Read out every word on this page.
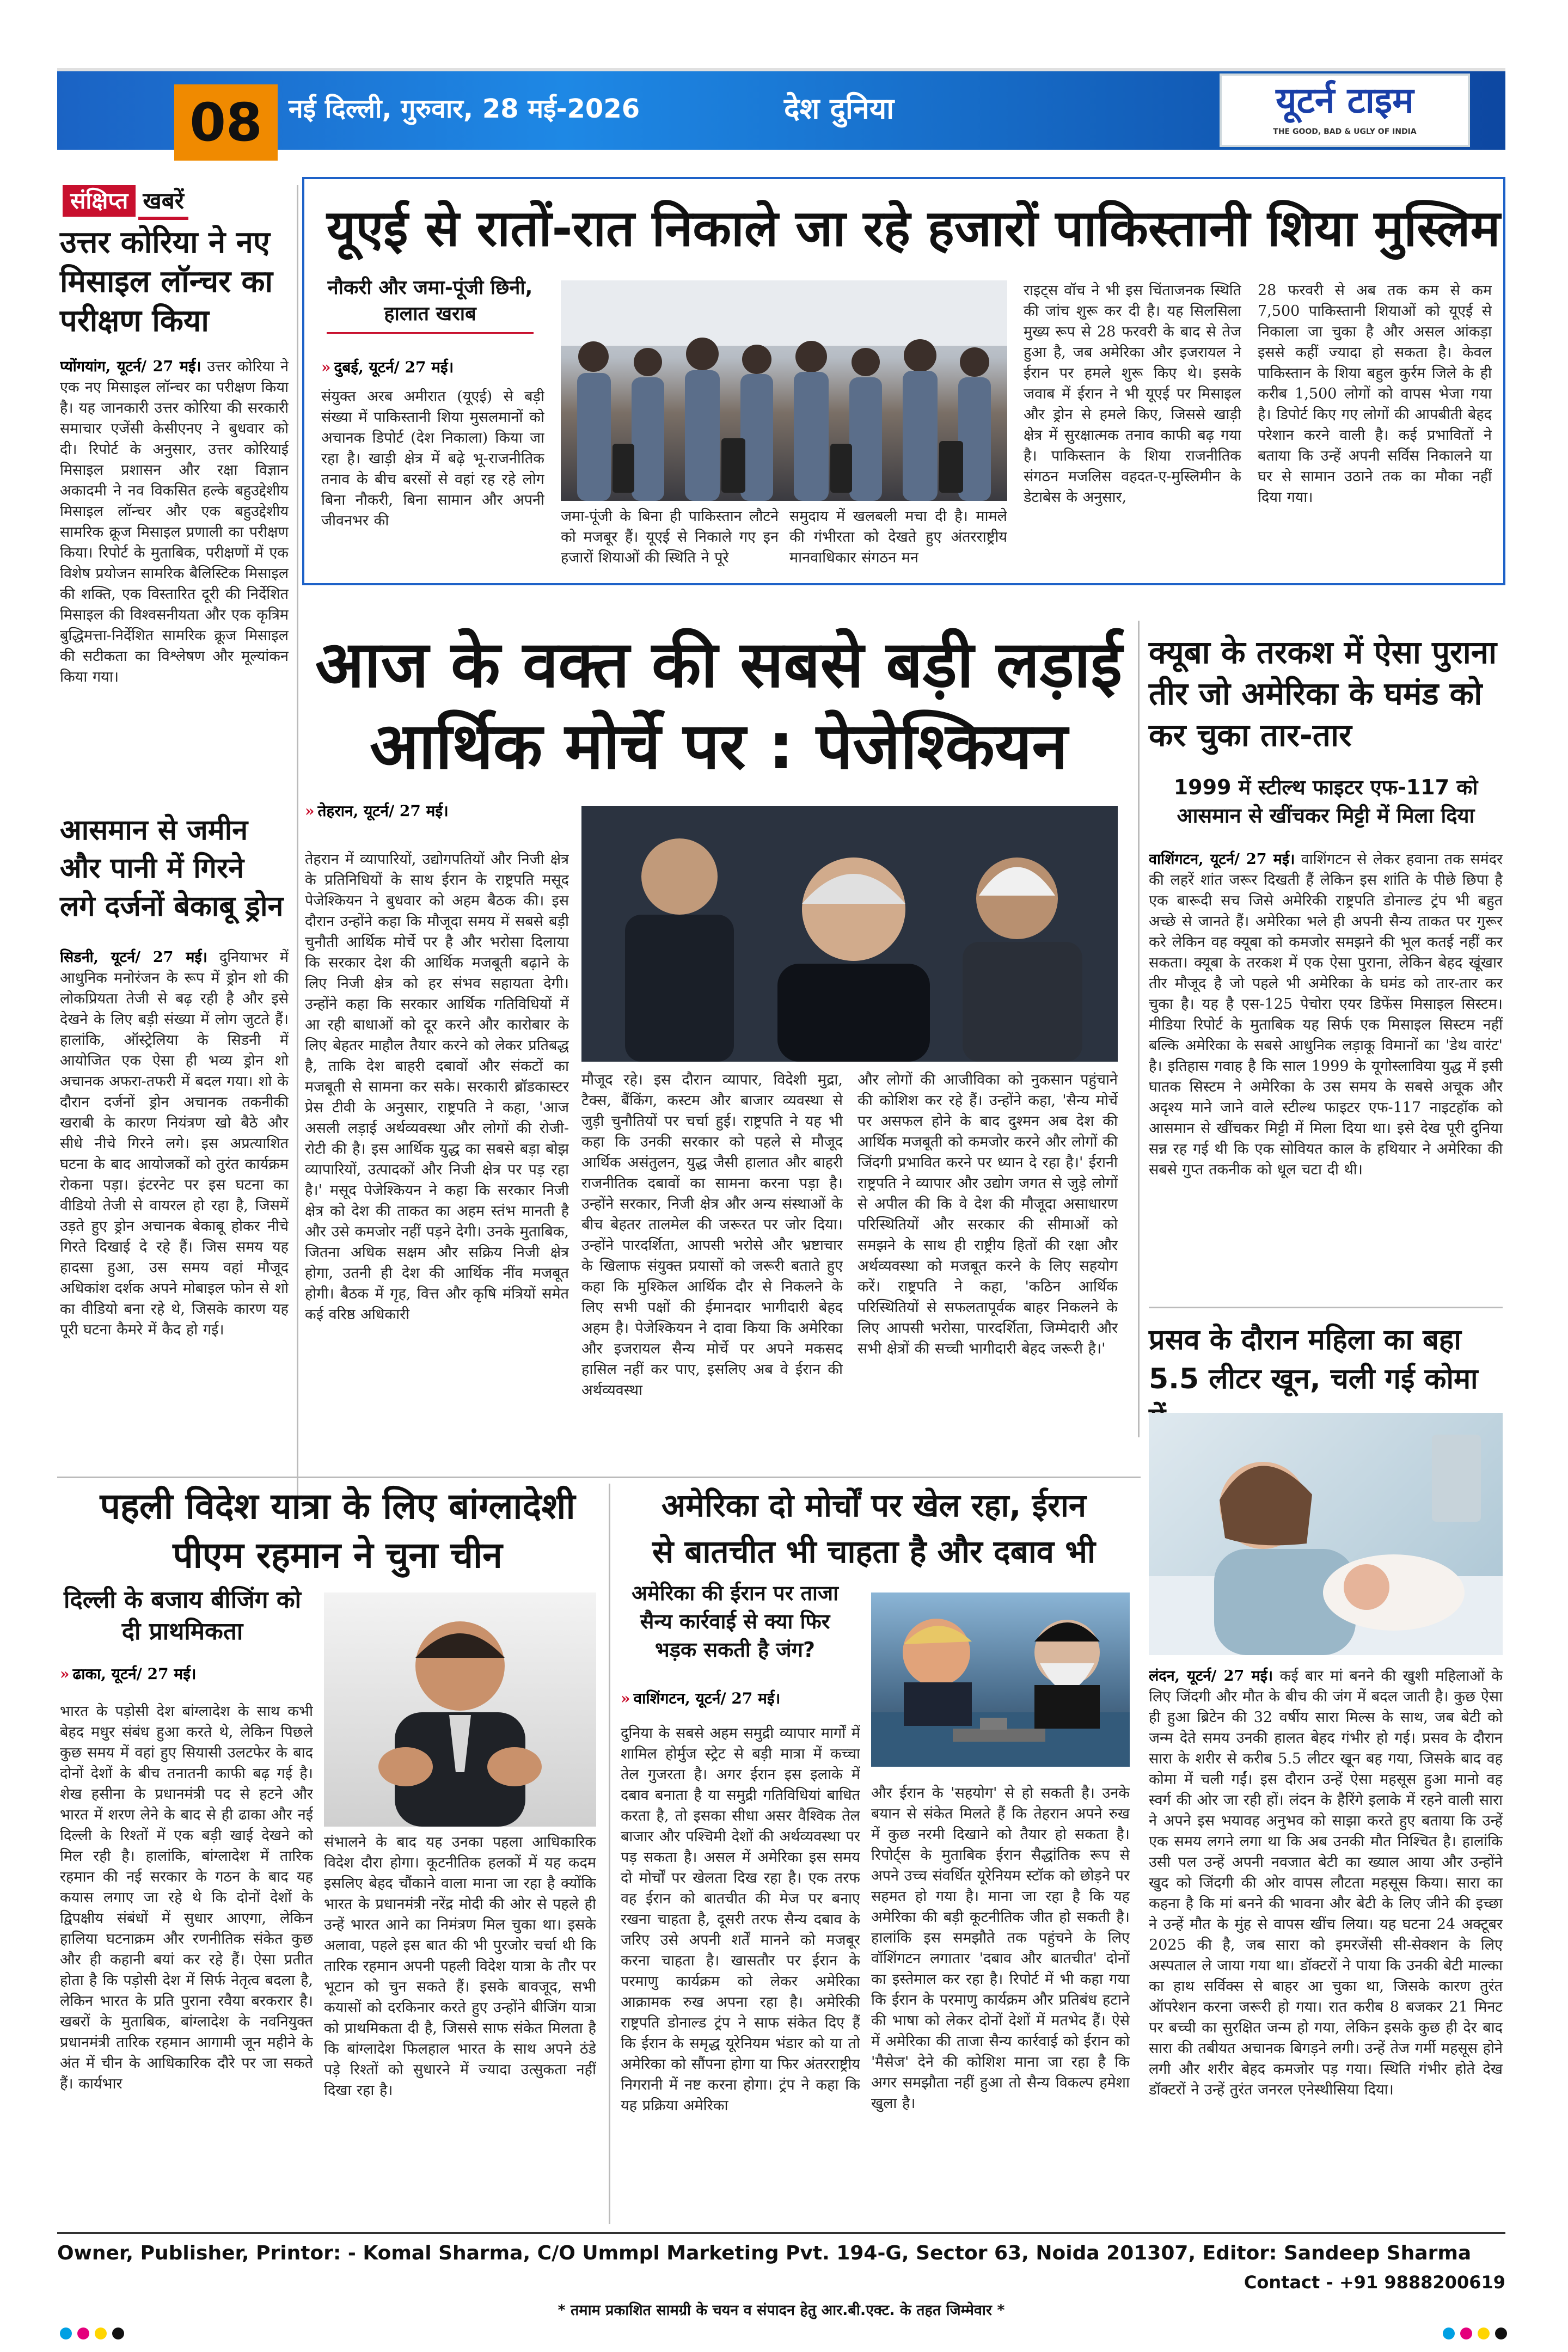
08	नई दिल्ली, गुरुवार, 28 मई-2026	देश दुनिया	यूटर्न टाइम
THE GOOD, BAD & UGLY OF INDIA
संक्षिप्त खबरें
उत्तर कोरिया ने नए मिसाइल लॉन्चर का परीक्षण किया
प्योंगयांग, यूटर्न/ 27 मई। उत्तर कोरिया ने एक नए मिसाइल लॉन्चर का परीक्षण किया है। यह जानकारी उत्तर कोरिया की सरकारी समाचार एजेंसी केसीएनए ने बुधवार को दी। रिपोर्ट के अनुसार, उत्तर कोरियाई मिसाइल प्रशासन और रक्षा विज्ञान अकादमी ने नव विकसित हल्के बहुउद्देशीय मिसाइल लॉन्चर और एक बहुउद्देशीय सामरिक क्रूज मिसाइल प्रणाली का परीक्षण किया। रिपोर्ट के मुताबिक, परीक्षणों में एक विशेष प्रयोजन सामरिक बैलिस्टिक मिसाइल की शक्ति, एक विस्तारित दूरी की निर्देशित मिसाइल की विश्वसनीयता और एक कृत्रिम बुद्धिमत्ता-निर्देशित सामरिक क्रूज मिसाइल की सटीकता का विश्लेषण और मूल्यांकन किया गया।
आसमान से जमीन और पानी में गिरने लगे दर्जनों बेकाबू ड्रोन
सिडनी, यूटर्न/ 27 मई। दुनियाभर में आधुनिक मनोरंजन के रूप में ड्रोन शो की लोकप्रियता तेजी से बढ़ रही है और इसे देखने के लिए बड़ी संख्या में लोग जुटते हैं। हालांकि, ऑस्ट्रेलिया के सिडनी में आयोजित एक ऐसा ही भव्य ड्रोन शो अचानक अफरा-तफरी में बदल गया। शो के दौरान दर्जनों ड्रोन अचानक तकनीकी खराबी के कारण नियंत्रण खो बैठे और सीधे नीचे गिरने लगे। इस अप्रत्याशित घटना के बाद आयोजकों को तुरंत कार्यक्रम रोकना पड़ा। इंटरनेट पर इस घटना का वीडियो तेजी से वायरल हो रहा है, जिसमें उड़ते हुए ड्रोन अचानक बेकाबू होकर नीचे गिरते दिखाई दे रहे हैं। जिस समय यह हादसा हुआ, उस समय वहां मौजूद अधिकांश दर्शक अपने मोबाइल फोन से शो का वीडियो बना रहे थे, जिसके कारण यह पूरी घटना कैमरे में कैद हो गई।
यूएई से रातों-रात निकाले जा रहे हजारों पाकिस्तानी शिया मुस्लिम
नौकरी और जमा-पूंजी छिनी, हालात खराब
» दुबई, यूटर्न/ 27 मई।
संयुक्त अरब अमीरात (यूएई) से बड़ी संख्या में पाकिस्तानी शिया मुसलमानों को अचानक डिपोर्ट (देश निकाला) किया जा रहा है। खाड़ी क्षेत्र में बढ़े भू-राजनीतिक तनाव के बीच बरसों से वहां रह रहे लोग बिना नौकरी, बिना सामान और अपनी जीवनभर की	जमा-पूंजी के बिना ही पाकिस्तान लौटने को मजबूर हैं। यूएई से निकाले गए इन हजारों शियाओं की स्थिति ने पूरे
समुदाय में खलबली मचा दी है। मामले की गंभीरता को देखते हुए अंतरराष्ट्रीय मानवाधिकार संगठन मन
राइट्स वॉच ने भी इस चिंताजनक स्थिति की जांच शुरू कर दी है। यह सिलसिला मुख्य रूप से 28 फरवरी के बाद से तेज हुआ है, जब अमेरिका और इजरायल ने ईरान पर हमले शुरू किए थे। इसके जवाब में ईरान ने भी यूएई पर मिसाइल और ड्रोन से हमले किए, जिससे खाड़ी क्षेत्र में सुरक्षात्मक तनाव काफी बढ़ गया है। पाकिस्तान के शिया राजनीतिक संगठन मजलिस वहदत-ए-मुस्लिमीन के डेटाबेस के अनुसार,
28 फरवरी से अब तक कम से कम 7,500 पाकिस्तानी शियाओं को यूएई से निकाला जा चुका है और असल आंकड़ा इससे कहीं ज्यादा हो सकता है। केवल पाकिस्तान के शिया बहुल कुर्रम जिले के ही करीब 1,500 लोगों को वापस भेजा गया है। डिपोर्ट किए गए लोगों की आपबीती बेहद परेशान करने वाली है। कई प्रभावितों ने बताया कि उन्हें अपनी सर्विस निकालने या घर से सामान उठाने तक का मौका नहीं दिया गया।
आज के वक्त की सबसे बड़ी लड़ाई
आर्थिक मोर्चे पर : पेजेश्कियन
» तेहरान, यूटर्न/ 27 मई।
तेहरान में व्यापारियों, उद्योगपतियों और निजी क्षेत्र के प्रतिनिधियों के साथ ईरान के राष्ट्रपति मसूद पेजेश्कियन ने बुधवार को अहम बैठक की। इस दौरान उन्होंने कहा कि मौजूदा समय में सबसे बड़ी चुनौती आर्थिक मोर्चे पर है और भरोसा दिलाया कि सरकार देश की आर्थिक मजबूती बढ़ाने के लिए निजी क्षेत्र को हर संभव सहायता देगी। उन्होंने कहा कि सरकार आर्थिक गतिविधियों में आ रही बाधाओं को दूर करने और कारोबार के लिए बेहतर माहौल तैयार करने को लेकर प्रतिबद्ध है, ताकि देश बाहरी दबावों और संकटों का मजबूती से सामना कर सके। सरकारी ब्रॉडकास्टर प्रेस टीवी के अनुसार, राष्ट्रपति ने कहा, 'आज असली लड़ाई अर्थव्यवस्था और लोगों की रोजी-रोटी की है। इस आर्थिक युद्ध का सबसे बड़ा बोझ व्यापारियों, उत्पादकों और निजी क्षेत्र पर पड़ रहा है।' मसूद पेजेश्कियन ने कहा कि सरकार निजी क्षेत्र को देश की ताकत का अहम स्तंभ मानती है और उसे कमजोर नहीं पड़ने देगी। उनके मुताबिक, जितना अधिक सक्षम और सक्रिय निजी क्षेत्र होगा, उतनी ही देश की आर्थिक नींव मजबूत होगी। बैठक में गृह, वित्त और कृषि मंत्रियों समेत कई वरिष्ठ अधिकारी
मौजूद रहे। इस दौरान व्यापार, विदेशी मुद्रा, टैक्स, बैंकिंग, कस्टम और बाजार व्यवस्था से जुड़ी चुनौतियों पर चर्चा हुई। राष्ट्रपति ने यह भी कहा कि उनकी सरकार को पहले से मौजूद आर्थिक असंतुलन, युद्ध जैसी हालात और बाहरी राजनीतिक दबावों का सामना करना पड़ा है। उन्होंने सरकार, निजी क्षेत्र और अन्य संस्थाओं के बीच बेहतर तालमेल की जरूरत पर जोर दिया। उन्होंने पारदर्शिता, आपसी भरोसे और भ्रष्टाचार के खिलाफ संयुक्त प्रयासों को जरूरी बताते हुए कहा कि मुश्किल आर्थिक दौर से निकलने के लिए सभी पक्षों की ईमानदार भागीदारी बेहद अहम है। पेजेश्कियन ने दावा किया कि अमेरिका और इजरायल सैन्य मोर्चे पर अपने मकसद हासिल नहीं कर पाए, इसलिए अब वे ईरान की अर्थव्यवस्था
और लोगों की आजीविका को नुकसान पहुंचाने की कोशिश कर रहे हैं। उन्होंने कहा, 'सैन्य मोर्चे पर असफल होने के बाद दुश्मन अब देश की आर्थिक मजबूती को कमजोर करने और लोगों की जिंदगी प्रभावित करने पर ध्यान दे रहा है।' ईरानी राष्ट्रपति ने व्यापार और उद्योग जगत से जुड़े लोगों से अपील की कि वे देश की मौजूदा असाधारण परिस्थितियों और सरकार की सीमाओं को समझने के साथ ही राष्ट्रीय हितों की रक्षा और अर्थव्यवस्था को मजबूत करने के लिए सहयोग करें। राष्ट्रपति ने कहा, 'कठिन आर्थिक परिस्थितियों से सफलतापूर्वक बाहर निकलने के लिए आपसी भरोसा, पारदर्शिता, जिम्मेदारी और सभी क्षेत्रों की सच्ची भागीदारी बेहद जरूरी है।'
क्यूबा के तरकश में ऐसा पुराना तीर जो अमेरिका के घमंड को कर चुका तार-तार
1999 में स्टील्थ फाइटर एफ-117 को आसमान से खींचकर मिट्टी में मिला दिया
वाशिंगटन, यूटर्न/ 27 मई। वाशिंगटन से लेकर हवाना तक समंदर की लहरें शांत जरूर दिखती हैं लेकिन इस शांति के पीछे छिपा है एक बारूदी सच जिसे अमेरिकी राष्ट्रपति डोनाल्ड ट्रंप भी बहुत अच्छे से जानते हैं। अमेरिका भले ही अपनी सैन्य ताकत पर गुरूर करे लेकिन वह क्यूबा को कमजोर समझने की भूल कतई नहीं कर सकता। क्यूबा के तरकश में एक ऐसा पुराना, लेकिन बेहद खूंखार तीर मौजूद है जो पहले भी अमेरिका के घमंड को तार-तार कर चुका है। यह है एस-125 पेचोरा एयर डिफेंस मिसाइल सिस्टम। मीडिया रिपोर्ट के मुताबिक यह सिर्फ एक मिसाइल सिस्टम नहीं बल्कि अमेरिका के सबसे आधुनिक लड़ाकू विमानों का 'डेथ वारंट' है। इतिहास गवाह है कि साल 1999 के यूगोस्लाविया युद्ध में इसी घातक सिस्टम ने अमेरिका के उस समय के सबसे अचूक और अदृश्य माने जाने वाले स्टील्थ फाइटर एफ-117 नाइटहॉक को आसमान से खींचकर मिट्टी में मिला दिया था। इसे देख पूरी दुनिया सन्न रह गई थी कि एक सोवियत काल के हथियार ने अमेरिका की सबसे गुप्त तकनीक को धूल चटा दी थी।
प्रसव के दौरान महिला का बहा 5.5 लीटर खून, चली गई कोमा
लंदन, यूटर्न/ 27 मई। कई बार मां बनने की खुशी महिलाओं के लिए जिंदगी और मौत के बीच की जंग में बदल जाती है। कुछ ऐसा ही हुआ ब्रिटेन की 32 वर्षीय सारा मिल्स के साथ, जब बेटी को जन्म देते समय उनकी हालत बेहद गंभीर हो गई। प्रसव के दौरान सारा के शरीर से करीब 5.5 लीटर खून बह गया, जिसके बाद वह कोमा में चली गईं। इस दौरान उन्हें ऐसा महसूस हुआ मानो वह स्वर्ग की ओर जा रही हों। लंदन के हैरिंगे इलाके में रहने वाली सारा ने अपने इस भयावह अनुभव को साझा करते हुए बताया कि उन्हें एक समय लगने लगा था कि अब उनकी मौत निश्चित है। हालांकि उसी पल उन्हें अपनी नवजात बेटी का ख्याल आया और उन्होंने खुद को जिंदगी की ओर वापस लौटता महसूस किया। सारा का कहना है कि मां बनने की भावना और बेटी के लिए जीने की इच्छा ने उन्हें मौत के मुंह से वापस खींच लिया। यह घटना 24 अक्टूबर 2025 की है, जब सारा को इमरजेंसी सी-सेक्शन के लिए अस्पताल ले जाया गया था। डॉक्टरों ने पाया कि उनकी बेटी माल्का का हाथ सर्विक्स से बाहर आ चुका था, जिसके कारण तुरंत ऑपरेशन करना जरूरी हो गया। रात करीब 8 बजकर 21 मिनट पर बच्ची का सुरक्षित जन्म हो गया, लेकिन इसके कुछ ही देर बाद सारा की तबीयत अचानक बिगड़ने लगी। उन्हें तेज गर्मी महसूस होने लगी और शरीर बेहद कमजोर पड़ गया। स्थिति गंभीर होते देख डॉक्टरों ने उन्हें तुरंत जनरल एनेस्थीसिया दिया।
पहली विदेश यात्रा के लिए बांग्लादेशी
पीएम रहमान ने चुना चीन
दिल्ली के बजाय बीजिंग को दी प्राथमिकता
» ढाका, यूटर्न/ 27 मई।
भारत के पड़ोसी देश बांग्लादेश के साथ कभी बेहद मधुर संबंध हुआ करते थे, लेकिन पिछले कुछ समय में वहां हुए सियासी उलटफेर के बाद दोनों देशों के बीच तनातनी काफी बढ़ गई है। शेख हसीना के प्रधानमंत्री पद से हटने और भारत में शरण लेने के बाद से ही ढाका और नई दिल्ली के रिश्तों में एक बड़ी खाई देखने को मिल रही है। हालांकि, बांग्लादेश में तारिक रहमान की नई सरकार के गठन के बाद यह कयास लगाए जा रहे थे कि दोनों देशों के द्विपक्षीय संबंधों में सुधार आएगा, लेकिन हालिया घटनाक्रम और रणनीतिक संकेत कुछ और ही कहानी बयां कर रहे हैं। ऐसा प्रतीत होता है कि पड़ोसी देश में सिर्फ नेतृत्व बदला है, लेकिन भारत के प्रति पुराना रवैया बरकरार है। खबरों के मुताबिक, बांग्लादेश के नवनियुक्त प्रधानमंत्री तारिक रहमान आगामी जून महीने के अंत में चीन के आधिकारिक दौरे पर जा सकते हैं। कार्यभार
संभालने के बाद यह उनका पहला आधिकारिक विदेश दौरा होगा। कूटनीतिक हलकों में यह कदम इसलिए बेहद चौंकाने वाला माना जा रहा है क्योंकि भारत के प्रधानमंत्री नरेंद्र मोदी की ओर से पहले ही उन्हें भारत आने का निमंत्रण मिल चुका था। इसके अलावा, पहले इस बात की भी पुरजोर चर्चा थी कि तारिक रहमान अपनी पहली विदेश यात्रा के तौर पर भूटान को चुन सकते हैं। इसके बावजूद, सभी कयासों को दरकिनार करते हुए उन्होंने बीजिंग यात्रा को प्राथमिकता दी है, जिससे साफ संकेत मिलता है कि बांग्लादेश फिलहाल भारत के साथ अपने ठंडे पड़े रिश्तों को सुधारने में ज्यादा उत्सुकता नहीं दिखा रहा है।
अमेरिका दो मोर्चों पर खेल रहा, ईरान
से बातचीत भी चाहता है और दबाव भी
अमेरिका की ईरान पर ताजा सैन्य कार्रवाई से क्या फिर भड़क सकती है जंग?
» वाशिंगटन, यूटर्न/ 27 मई।
दुनिया के सबसे अहम समुद्री व्यापार मार्गों में शामिल होर्मुज स्ट्रेट से बड़ी मात्रा में कच्चा तेल गुजरता है। अगर ईरान इस इलाके में दबाव बनाता है या समुद्री गतिविधियां बाधित करता है, तो इसका सीधा असर वैश्विक तेल बाजार और पश्चिमी देशों की अर्थव्यवस्था पर पड़ सकता है। असल में अमेरिका इस समय दो मोर्चों पर खेलता दिख रहा है। एक तरफ वह ईरान को बातचीत की मेज पर बनाए रखना चाहता है, दूसरी तरफ सैन्य दबाव के जरिए उसे अपनी शर्तें मानने को मजबूर करना चाहता है। खासतौर पर ईरान के परमाणु कार्यक्रम को लेकर अमेरिका आक्रामक रुख अपना रहा है। अमेरिकी राष्ट्रपति डोनाल्ड ट्रंप ने साफ संकेत दिए हैं कि ईरान के समृद्ध यूरेनियम भंडार को या तो अमेरिका को सौंपना होगा या फिर अंतरराष्ट्रीय निगरानी में नष्ट करना होगा। ट्रंप ने कहा कि यह प्रक्रिया अमेरिका
और ईरान के 'सहयोग' से हो सकती है। उनके बयान से संकेत मिलते हैं कि तेहरान अपने रुख में कुछ नरमी दिखाने को तैयार हो सकता है। रिपोर्ट्स के मुताबिक ईरान सैद्धांतिक रूप से अपने उच्च संवर्धित यूरेनियम स्टॉक को छोड़ने पर सहमत हो गया है। माना जा रहा है कि यह अमेरिका की बड़ी कूटनीतिक जीत हो सकती है। हालांकि इस समझौते तक पहुंचने के लिए वॉशिंगटन लगातार 'दबाव और बातचीत' दोनों का इस्तेमाल कर रहा है। रिपोर्ट में भी कहा गया कि ईरान के परमाणु कार्यक्रम और प्रतिबंध हटाने की भाषा को लेकर दोनों देशों में मतभेद हैं। ऐसे में अमेरिका की ताजा सैन्य कार्रवाई को ईरान को 'मैसेज' देने की कोशिश माना जा रहा है कि अगर समझौता नहीं हुआ तो सैन्य विकल्प हमेशा खुला है।
Owner, Publisher, Printor: - Komal Sharma, C/O Ummpl Marketing Pvt. 194-G, Sector 63, Noida 201307, Editor: Sandeep Sharma
Contact - +91 9888200619
* तमाम प्रकाशित सामग्री के चयन व संपादन हेतु आर.बी.एक्ट. के तहत जिम्मेवार *
